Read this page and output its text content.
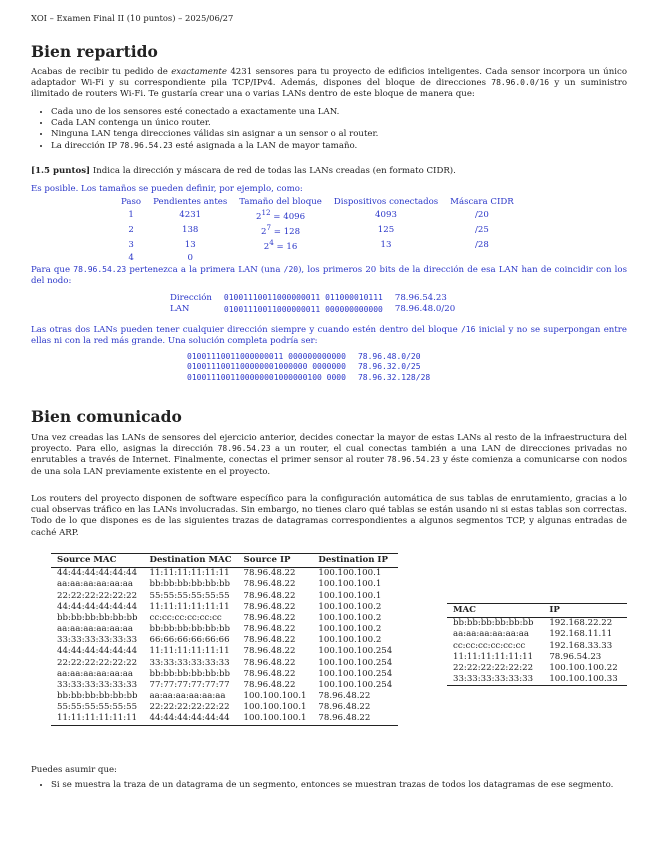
XOI – Examen Final II (10 puntos) – 2025/06/27
Bien repartido

Acabas de recibir tu pedido de exactamente 4231 sensores para tu proyecto de edificios inteligentes. Cada sensor incorpora un único adaptador Wi-Fi y su correspondiente pila TCP/IPv4. Además, dispones del bloque de direcciones 78.96.0.0/16 y un suministro ilimitado de routers Wi-Fi. Te gustaría crear una o varias LANs dentro de este bloque de manera que:

• Cada uno de los sensores esté conectado a exactamente una LAN.
• Cada LAN contenga un único router.
• Ninguna LAN tenga direcciones válidas sin asignar a un sensor o al router.
• La dirección IP 78.96.54.23 esté asignada a la LAN de mayor tamaño.

[1.5 puntos] Indica la dirección y máscara de red de todas las LANs creadas (en formato CIDR).

Es posible. Los tamaños se pueden definir, por ejemplo, como:

Paso	Pendientes antes	Tamaño del bloque	Dispositivos conectados	Máscara CIDR
1	4231	$2^{12} = 4096$	4093	/20
2	138	$2^7 = 128$	125	/25
3	13	$2^4 = 16$	13	/28
4	0			

Para que 78.96.54.23 pertenezca a la primera LAN (una /20), los primeros 20 bits de la dirección de esa LAN han de coincidir con los del nodo:

Dirección	01001110011000000011 011000010111	78.96.54.23
LAN	01001110011000000011 000000000000	78.96.48.0/20

Las otras dos LANs pueden tener cualquier dirección siempre y cuando estén dentro del bloque /16 inicial y no se superpongan entre ellas ni con la red más grande. Una solución completa podría ser:

01001110011000000011 000000000000	78.96.48.0/20
0100111001100000001000000 0000000	78.96.32.0/25
0100111001100000001000000100 0000	78.96.32.128/28
Bien comunicado

Una vez creadas las LANs de sensores del ejercicio anterior, decides conectar la mayor de estas LANs al resto de la infraestructura del proyecto. Para ello, asignas la dirección 78.96.54.23 a un router, el cual conectas también a una LAN de direcciones privadas no enrutables a través de Internet. Finalmente, conectas el primer sensor al router 78.96.54.23 y éste comienza a comunicarse con nodos de una sola LAN previamente existente en el proyecto.

Los routers del proyecto disponen de software específico para la configuración automática de sus tablas de enrutamiento, gracias a lo cual observas tráfico en las LANs involucradas. Sin embargo, no tienes claro qué tablas se están usando ni si estas tablas son correctas. Todo de lo que dispones es de las siguientes trazas de datagramas correspondientes a algunos segmentos TCP, y algunas entradas de caché ARP.

Source MAC	Destination MAC	Source IP	Destination IP
44:44:44:44:44:44	11:11:11:11:11:11	78.96.48.22	100.100.100.1
aa:aa:aa:aa:aa:aa	bb:bb:bb:bb:bb:bb	78.96.48.22	100.100.100.1
22:22:22:22:22:22	55:55:55:55:55:55	78.96.48.22	100.100.100.1
44:44:44:44:44:44	11:11:11:11:11:11	78.96.48.22	100.100.100.2
bb:bb:bb:bb:bb:bb	cc:cc:cc:cc:cc:cc	78.96.48.22	100.100.100.2
aa:aa:aa:aa:aa:aa	bb:bb:bb:bb:bb:bb	78.96.48.22	100.100.100.2
33:33:33:33:33:33	66:66:66:66:66:66	78.96.48.22	100.100.100.2
44:44:44:44:44:44	11:11:11:11:11:11	78.96.48.22	100.100.100.254
22:22:22:22:22:22	33:33:33:33:33:33	78.96.48.22	100.100.100.254
aa:aa:aa:aa:aa:aa	bb:bb:bb:bb:bb:bb	78.96.48.22	100.100.100.254
33:33:33:33:33:33	77:77:77:77:77:77	78.96.48.22	100.100.100.254
bb:bb:bb:bb:bb:bb	aa:aa:aa:aa:aa:aa	100.100.100.1	78.96.48.22
55:55:55:55:55:55	22:22:22:22:22:22	100.100.100.1	78.96.48.22
11:11:11:11:11:11	44:44:44:44:44:44	100.100.100.1	78.96.48.22
MAC	IP
bb:bb:bb:bb:bb:bb	192.168.22.22
aa:aa:aa:aa:aa:aa	192.168.11.11
cc:cc:cc:cc:cc:cc	192.168.33.33
11:11:11:11:11:11	78.96.54.23
22:22:22:22:22:22	100.100.100.22
33:33:33:33:33:33	100.100.100.33

Puedes asumir que:

• Si se muestra la traza de un datagrama de un segmento, entonces se muestran trazas de todos los datagramas de ese segmento.
